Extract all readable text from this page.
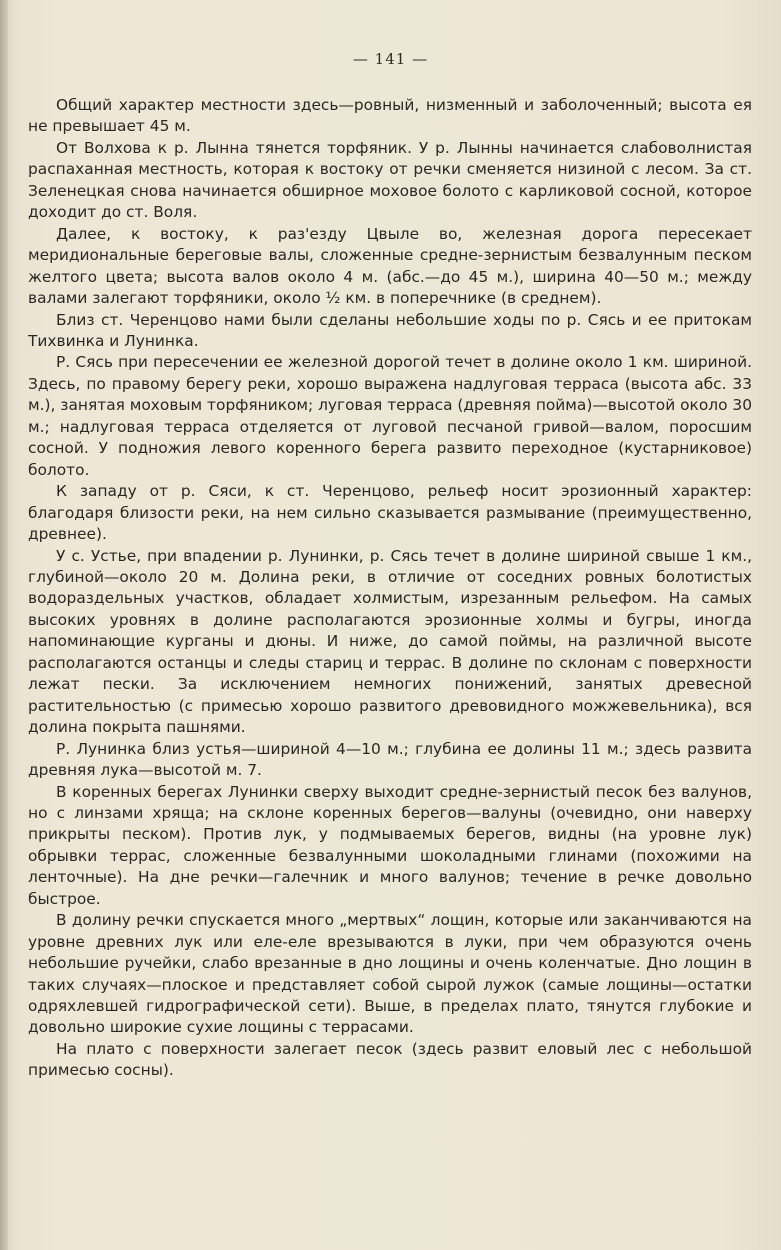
— 141 —

Общий характер местности здесь—ровный, низменный и заболоченный; высота ея не превышает 45 м.

От Волхова к р. Лынна тянется торфяник. У р. Лынны начинается слабоволнистая распаханная местность, которая к востоку от речки сменяется низиной с лесом. За ст. Зеленецкая снова начинается обширное моховое болото с карликовой сосной, которое доходит до ст. Воля.

Далее, к востоку, к раз'езду Цвыле во, железная дорога пересекает меридиональные береговые валы, сложенные средне-зернистым безвалунным песком желтого цвета; высота валов около 4 м. (абс.—до 45 м.), ширина 40—50 м.; между валами залегают торфяники, около ½ км. в поперечнике (в среднем).

Близ ст. Черенцово нами были сделаны небольшие ходы по р. Сясь и ее притокам Тихвинка и Лунинка.

Р. Сясь при пересечении ее железной дорогой течет в долине около 1 км. шириной. Здесь, по правому берегу реки, хорошо выражена надлуговая терраса (высота абс. 33 м.), занятая моховым торфяником; луговая терраса (древняя пойма)—высотой около 30 м.; надлуговая терраса отделяется от луговой песчаной гривой—валом, поросшим сосной. У подножия левого коренного берега развито переходное (кустарниковое) болото.

К западу от р. Сяси, к ст. Черенцово, рельеф носит эрозионный характер: благодаря близости реки, на нем сильно сказывается размывание (преимущественно, древнее).

У с. Устье, при впадении р. Лунинки, р. Сясь течет в долине шириной свыше 1 км., глубиной—около 20 м. Долина реки, в отличие от соседних ровных болотистых водораздельных участков, обладает холмистым, изрезанным рельефом. На самых высоких уровнях в долине располагаются эрозионные холмы и бугры, иногда напоминающие курганы и дюны. И ниже, до самой поймы, на различной высоте располагаются останцы и следы стариц и террас. В долине по склонам с поверхности лежат пески. За исключением немногих понижений, занятых древесной растительностью (с примесью хорошо развитого древовидного можжевельника), вся долина покрыта пашнями.

Р. Лунинка близ устья—шириной 4—10 м.; глубина ее долины 11 м.; здесь развита древняя лука—высотой м. 7.

В коренных берегах Лунинки сверху выходит средне-зернистый песок без валунов, но с линзами хряща; на склоне коренных берегов—валуны (очевидно, они наверху прикрыты песком). Против лук, у подмываемых берегов, видны (на уровне лук) обрывки террас, сложенные безвалунными шоколадными глинами (похожими на ленточные). На дне речки—галечник и много валунов; течение в речке довольно быстрое.

В долину речки спускается много „мертвых“ лощин, которые или заканчиваются на уровне древних лук или еле-еле врезываются в луки, при чем образуются очень небольшие ручейки, слабо врезанные в дно лощины и очень коленчатые. Дно лощин в таких случаях—плоское и представляет собой сырой лужок (самые лощины—остатки одряхлевшей гидрографической сети). Выше, в пределах плато, тянутся глубокие и довольно широкие сухие лощины с террасами.

На плато с поверхности залегает песок (здесь развит еловый лес с небольшой примесью сосны).
